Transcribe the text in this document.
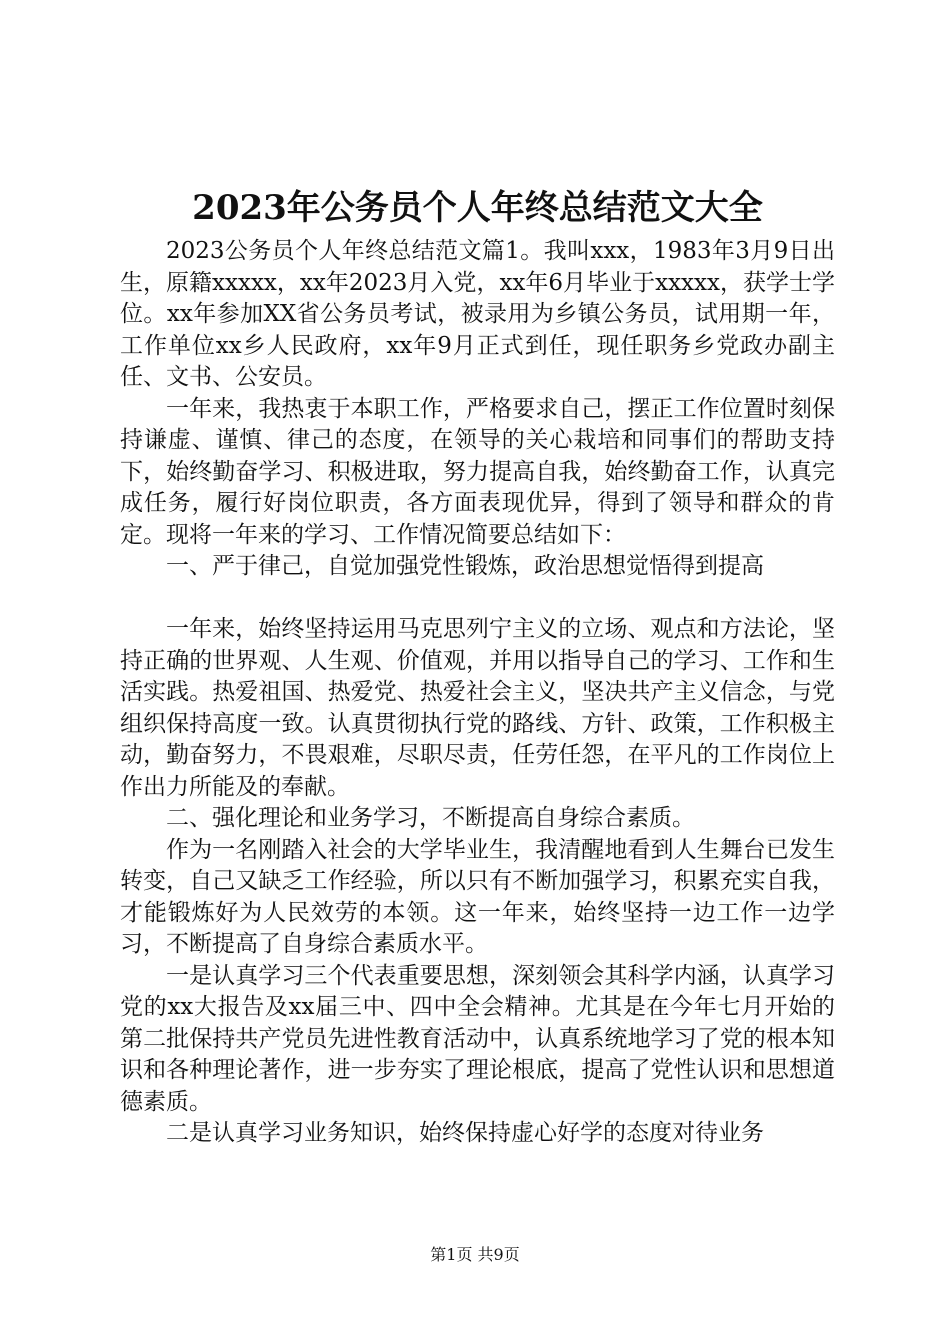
2023年公务员个人年终总结范文大全

2023公务员个人年终总结范文篇1。我叫xxx，1983年3月9日出生，原籍xxxxx，xx年2023月入党，xx年6月毕业于xxxxx，获学士学位。xx年参加XX省公务员考试，被录用为乡镇公务员，试用期一年，工作单位xx乡人民政府，xx年9月正式到任，现任职务乡党政办副主任、文书、公安员。

一年来，我热衷于本职工作，严格要求自己，摆正工作位置时刻保持谦虚、谨慎、律己的态度，在领导的关心栽培和同事们的帮助支持下，始终勤奋学习、积极进取，努力提高自我，始终勤奋工作，认真完成任务，履行好岗位职责，各方面表现优异，得到了领导和群众的肯定。现将一年来的学习、工作情况简要总结如下：

一、严于律己，自觉加强党性锻炼，政治思想觉悟得到提高

一年来，始终坚持运用马克思列宁主义的立场、观点和方法论，坚持正确的世界观、人生观、价值观，并用以指导自己的学习、工作和生活实践。热爱祖国、热爱党、热爱社会主义，坚决共产主义信念，与党组织保持高度一致。认真贯彻执行党的路线、方针、政策，工作积极主动，勤奋努力，不畏艰难，尽职尽责，任劳任怨，在平凡的工作岗位上作出力所能及的奉献。

二、强化理论和业务学习，不断提高自身综合素质。

作为一名刚踏入社会的大学毕业生，我清醒地看到人生舞台已发生转变，自己又缺乏工作经验，所以只有不断加强学习，积累充实自我，才能锻炼好为人民效劳的本领。这一年来，始终坚持一边工作一边学习，不断提高了自身综合素质水平。

一是认真学习三个代表重要思想，深刻领会其科学内涵，认真学习党的xx大报告及xx届三中、四中全会精神。尤其是在今年七月开始的第二批保持共产党员先进性教育活动中，认真系统地学习了党的根本知识和各种理论著作，进一步夯实了理论根底，提高了党性认识和思想道德素质。

二是认真学习业务知识，始终保持虚心好学的态度对待业务

第1页 共9页
